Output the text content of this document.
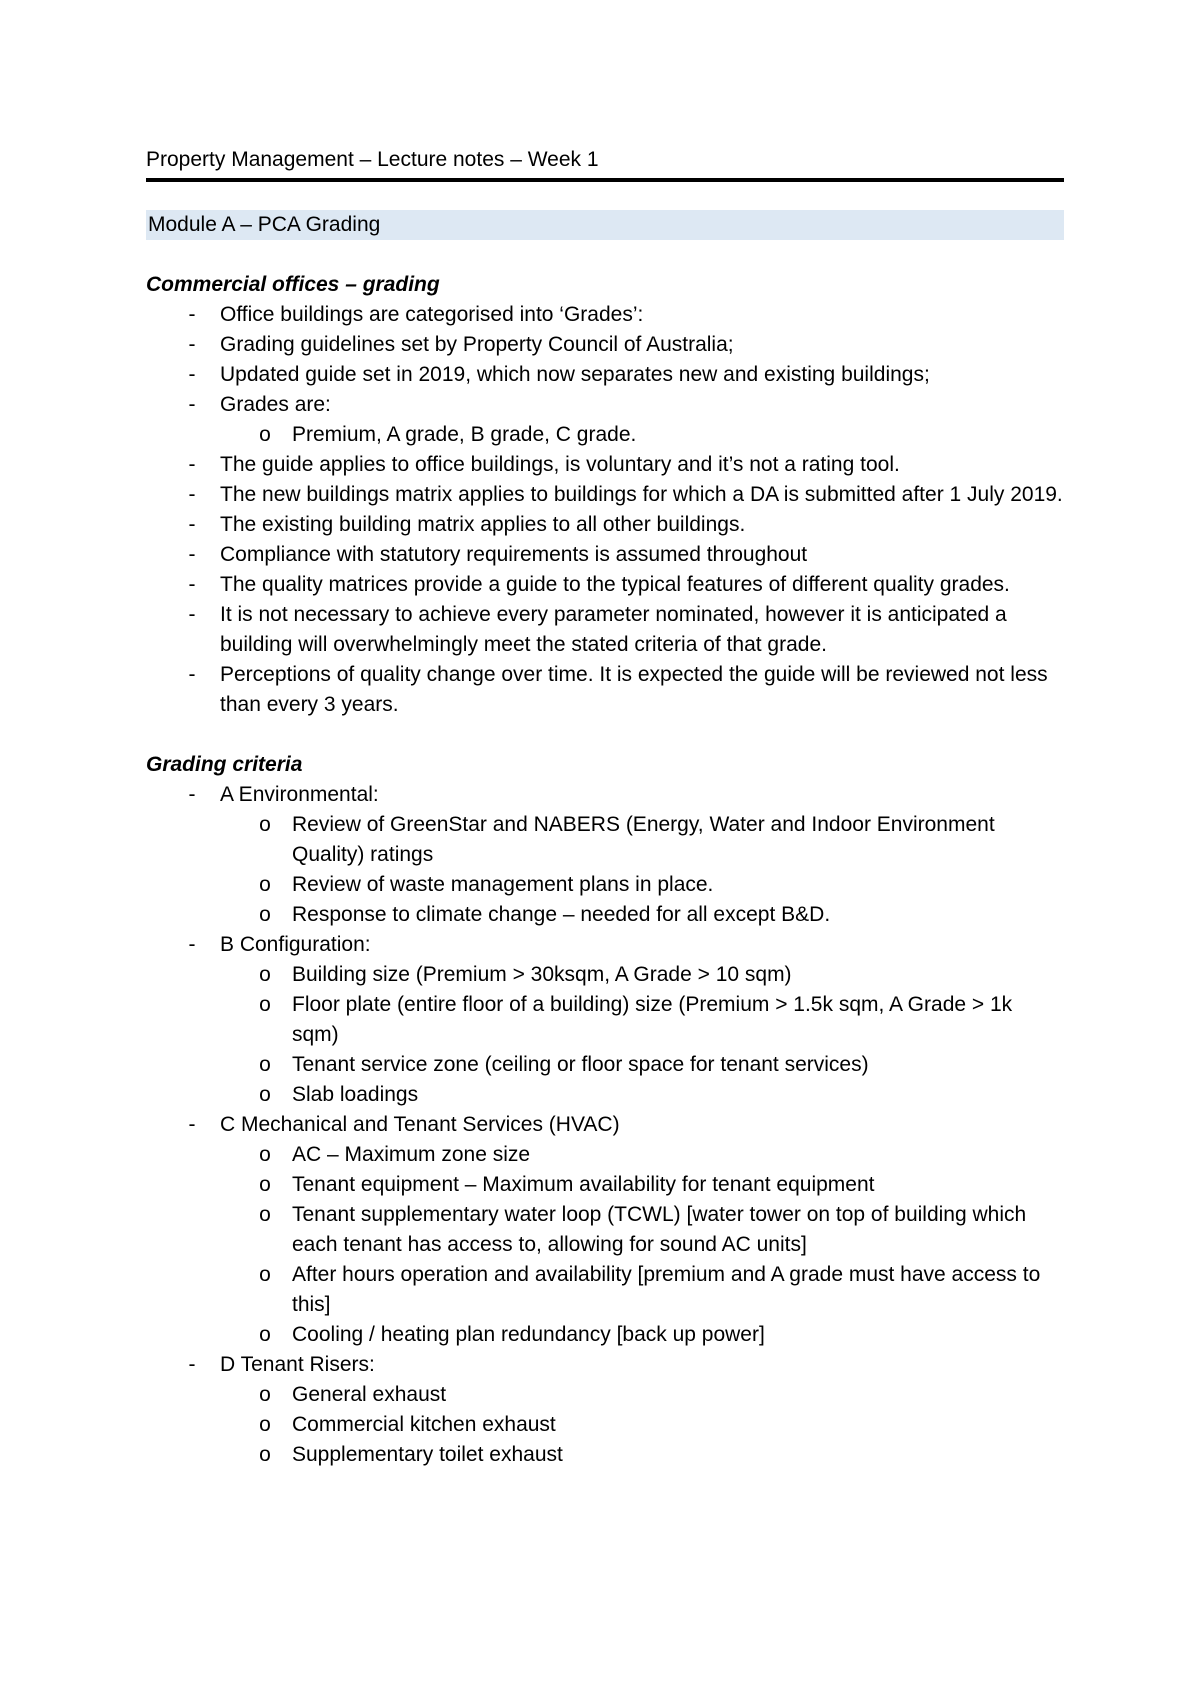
Property Management – Lecture notes – Week 1
Module A – PCA Grading
Commercial offices – grading
-	Office buildings are categorised into ‘Grades’:
-	Grading guidelines set by Property Council of Australia;
-	Updated guide set in 2019, which now separates new and existing buildings;
-	Grades are:
o Premium, A grade, B grade, C grade.
-	The guide applies to office buildings, is voluntary and it’s not a rating tool.
-	The new buildings matrix applies to buildings for which a DA is submitted after 1 July 2019.
-	The existing building matrix applies to all other buildings.
-	Compliance with statutory requirements is assumed throughout
-	The quality matrices provide a guide to the typical features of different quality grades.
-	It is not necessary to achieve every parameter nominated, however it is anticipated a building will overwhelmingly meet the stated criteria of that grade.
-	Perceptions of quality change over time. It is expected the guide will be reviewed not less than every 3 years.
Grading criteria
-	A Environmental:
o Review of GreenStar and NABERS (Energy, Water and Indoor Environment Quality) ratings
o Review of waste management plans in place.
o Response to climate change – needed for all except B&D.
-	B Configuration:
o Building size (Premium > 30ksqm, A Grade > 10 sqm)
o Floor plate (entire floor of a building) size (Premium > 1.5k sqm, A Grade > 1k sqm)
o Tenant service zone (ceiling or floor space for tenant services)
o Slab loadings
-	C Mechanical and Tenant Services (HVAC)
o AC – Maximum zone size
o Tenant equipment – Maximum availability for tenant equipment
o Tenant supplementary water loop (TCWL) [water tower on top of building which each tenant has access to, allowing for sound AC units]
o After hours operation and availability [premium and A grade must have access to this]
o Cooling / heating plan redundancy [back up power]
-	D Tenant Risers:
o General exhaust
o Commercial kitchen exhaust
o Supplementary toilet exhaust
